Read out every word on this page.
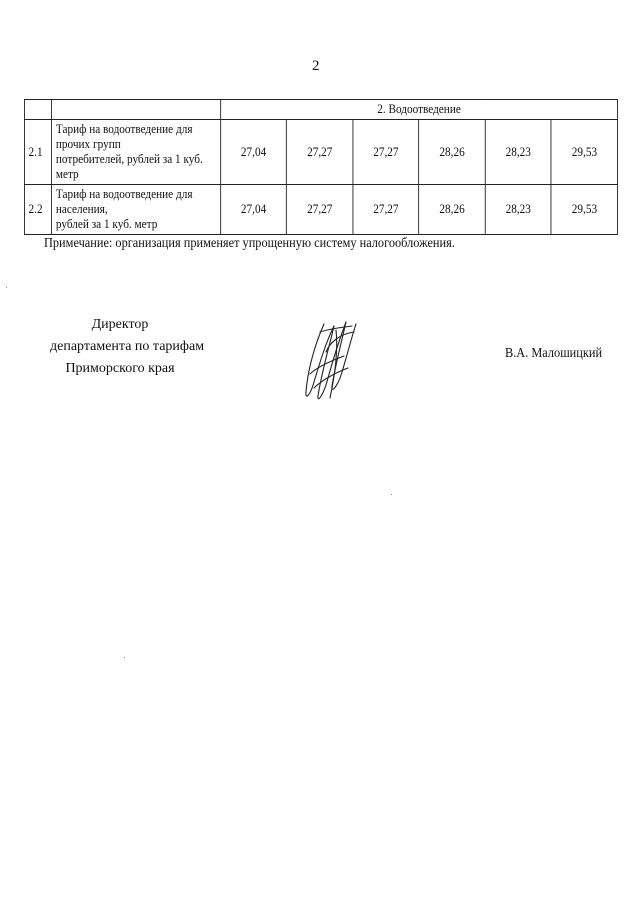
2
		2. Водоотведение					
2.1	Тариф на водоотведение для прочих групп
потребителей, рублей за 1 куб. метр	27,04	27,27	27,27	28,26	28,23	29,53
2.2	Тариф на водоотведение для населения,
рублей за 1 куб. метр	27,04	27,27	27,27	28,26	28,23	29,53
Примечание: организация применяет упрощенную систему налогообложения.
Директор
департамента по тарифам
Приморского края
В.А. Малошицкий
